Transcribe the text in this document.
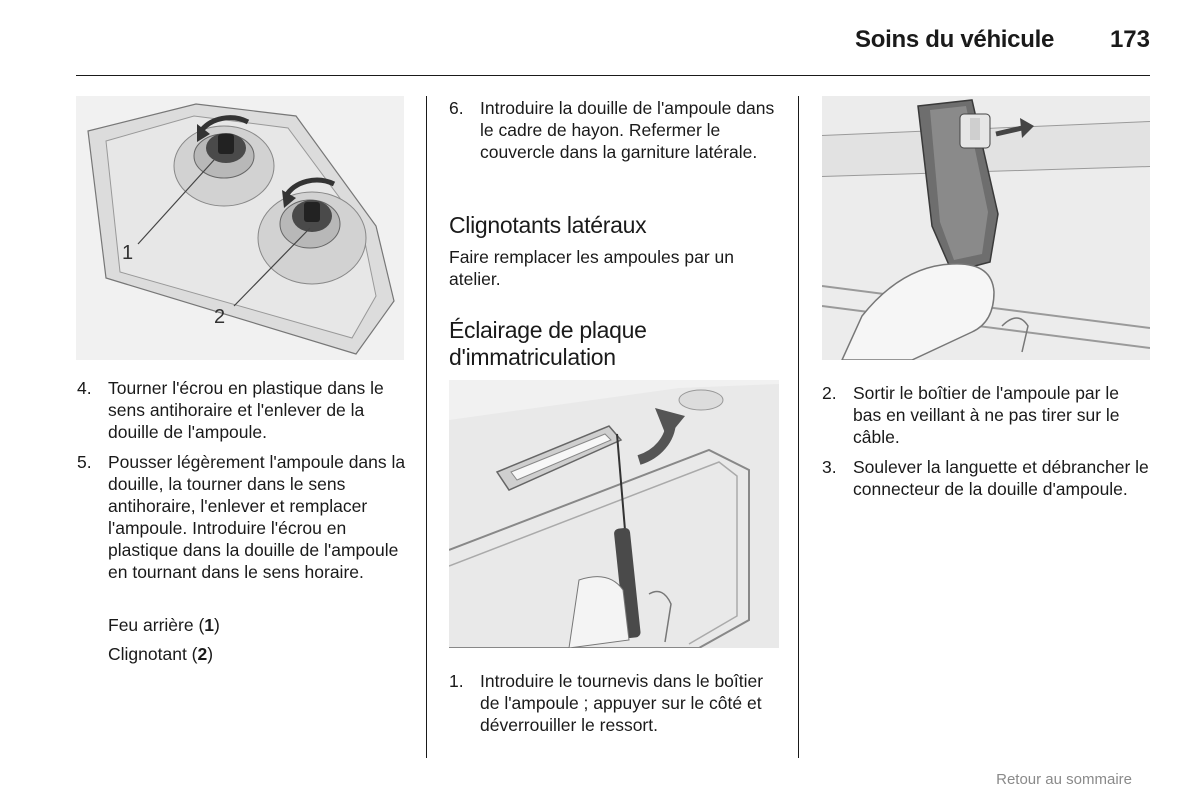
Soins du véhicule 173
1
2
4. Tourner l'écrou en plastique dans le sens antihoraire et l'enlever de la douille de l'ampoule.
5. Pousser légèrement l'ampoule dans la douille, la tourner dans le sens antihoraire, l'enlever et remplacer l'ampoule. Introduire l'écrou en plastique dans la douille de l'ampoule en tournant dans le sens horaire.
Feu arrière (1)
Clignotant (2)
6. Introduire la douille de l'ampoule dans le cadre de hayon. Refermer le couvercle dans la garniture latérale.
Clignotants latéraux
Faire remplacer les ampoules par un atelier.
Éclairage de plaque d'immatriculation
1. Introduire le tournevis dans le boîtier de l'ampoule ; appuyer sur le côté et déverrouiller le ressort.
2. Sortir le boîtier de l'ampoule par le bas en veillant à ne pas tirer sur le câble.
3. Soulever la languette et débrancher le connecteur de la douille d'ampoule.
Retour au sommaire
